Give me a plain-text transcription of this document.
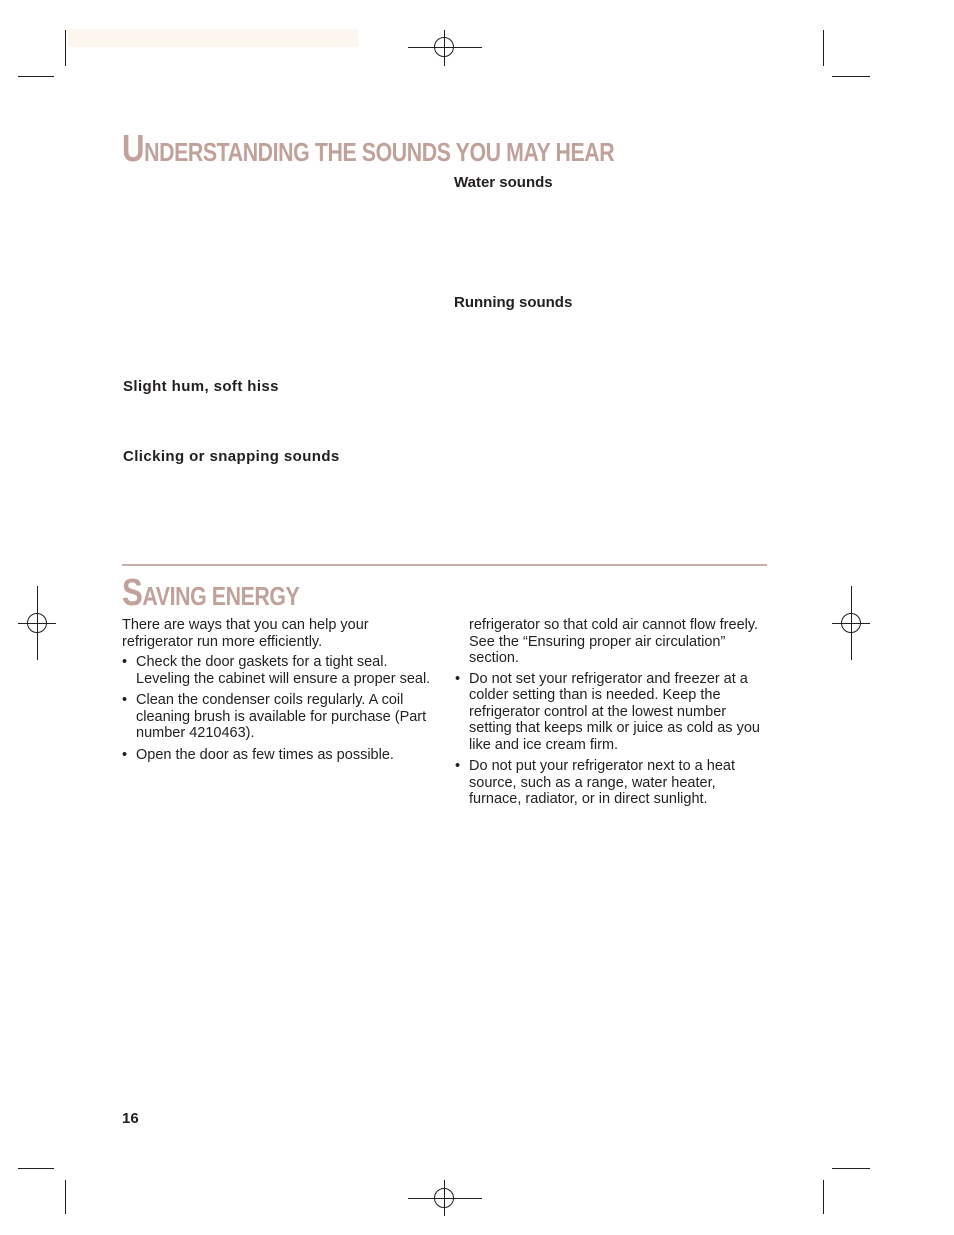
UNDERSTANDING THE SOUNDS YOU MAY HEAR
Water sounds
Running sounds
Slight hum, soft hiss
Clicking or snapping sounds
SAVING ENERGY

There are ways that you can help your refrigerator run more efficiently.

• Check the door gaskets for a tight seal. Leveling the cabinet will ensure a proper seal.
• Clean the condenser coils regularly. A coil cleaning brush is available for purchase (Part number 4210463).
• Open the door as few times as possible.

refrigerator so that cold air cannot flow freely. See the “Ensuring proper air circulation” section.

• Do not set your refrigerator and freezer at a colder setting than is needed. Keep the refrigerator control at the lowest number setting that keeps milk or juice as cold as you like and ice cream firm.
• Do not put your refrigerator next to a heat source, such as a range, water heater, furnace, radiator, or in direct sunlight.
16
